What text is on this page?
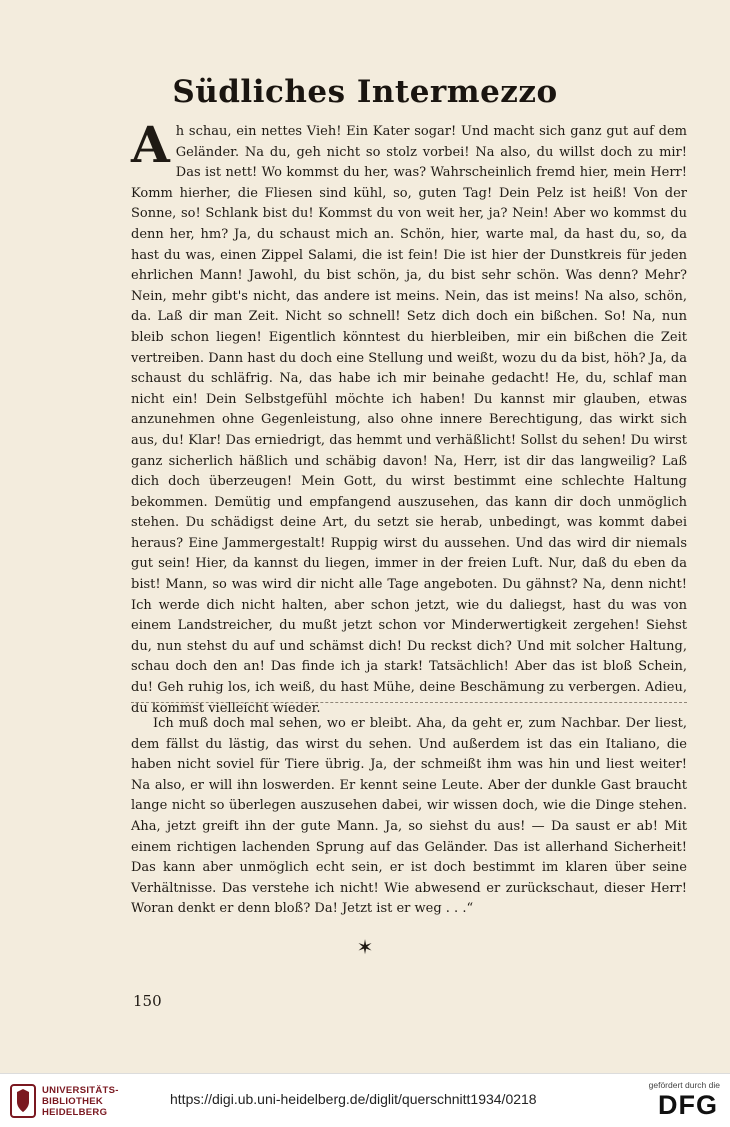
Südliches Intermezzo

Ah schau, ein nettes Vieh! Ein Kater sogar! Und macht sich ganz gut auf dem Geländer. Na du, geh nicht so stolz vorbei! Na also, du willst doch zu mir! Das ist nett! Wo kommst du her, was? Wahrscheinlich fremd hier, mein Herr! Komm hierher, die Fliesen sind kühl, so, guten Tag! Dein Pelz ist heiß! Von der Sonne, so! Schlank bist du! Kommst du von weit her, ja? Nein! Aber wo kommst du denn her, hm? Ja, du schaust mich an. Schön, hier, warte mal, da hast du, so, da hast du was, einen Zippel Salami, die ist fein! Die ist hier der Dunstkreis für jeden ehrlichen Mann! Jawohl, du bist schön, ja, du bist sehr schön. Was denn? Mehr? Nein, mehr gibt's nicht, das andere ist meins. Nein, das ist meins! Na also, schön, da. Laß dir man Zeit. Nicht so schnell! Setz dich doch ein bißchen. So! Na, nun bleib schon liegen! Eigentlich könntest du hierbleiben, mir ein bißchen die Zeit vertreiben. Dann hast du doch eine Stellung und weißt, wozu du da bist, höh? Ja, da schaust du schläfrig. Na, das habe ich mir beinahe gedacht! He, du, schlaf man nicht ein! Dein Selbstgefühl möchte ich haben! Du kannst mir glauben, etwas anzunehmen ohne Gegenleistung, also ohne innere Berechtigung, das wirkt sich aus, du! Klar! Das erniedrigt, das hemmt und verhäßlicht! Sollst du sehen! Du wirst ganz sicherlich häßlich und schäbig davon! Na, Herr, ist dir das langweilig? Laß dich doch überzeugen! Mein Gott, du wirst bestimmt eine schlechte Haltung bekommen. Demütig und empfangend auszusehen, das kann dir doch unmöglich stehen. Du schädigst deine Art, du setzt sie herab, unbedingt, was kommt dabei heraus? Eine Jammergestalt! Ruppig wirst du aussehen. Und das wird dir niemals gut sein! Hier, da kannst du liegen, immer in der freien Luft. Nur, daß du eben da bist! Mann, so was wird dir nicht alle Tage angeboten. Du gähnst? Na, denn nicht! Ich werde dich nicht halten, aber schon jetzt, wie du daliegst, hast du was von einem Landstreicher, du mußt jetzt schon vor Minderwertigkeit zergehen! Siehst du, nun stehst du auf und schämst dich! Du reckst dich? Und mit solcher Haltung, schau doch den an! Das finde ich ja stark! Tatsächlich! Aber das ist bloß Schein, du! Geh ruhig los, ich weiß, du hast Mühe, deine Beschämung zu verbergen. Adieu, du kommst vielleicht wieder.

Ich muß doch mal sehen, wo er bleibt. Aha, da geht er, zum Nachbar. Der liest, dem fällst du lästig, das wirst du sehen. Und außerdem ist das ein Italiano, die haben nicht soviel für Tiere übrig. Ja, der schmeißt ihm was hin und liest weiter! Na also, er will ihn loswerden. Er kennt seine Leute. Aber der dunkle Gast braucht lange nicht so überlegen auszusehen dabei, wir wissen doch, wie die Dinge stehen. Aha, jetzt greift ihn der gute Mann. Ja, so siehst du aus! — Da saust er ab! Mit einem richtigen lachenden Sprung auf das Geländer. Das ist allerhand Sicherheit! Das kann aber unmöglich echt sein, er ist doch bestimmt im klaren über seine Verhältnisse. Das verstehe ich nicht! Wie abwesend er zurückschaut, dieser Herr! Woran denkt er denn bloß? Da! Jetzt ist er weg . . .“

✶
150
UNIVERSITÄTS-
BIBLIOTHEK
HEIDELBERG
https://digi.ub.uni-heidelberg.de/diglit/querschnitt1934/0218
gefördert durch die
DFG
